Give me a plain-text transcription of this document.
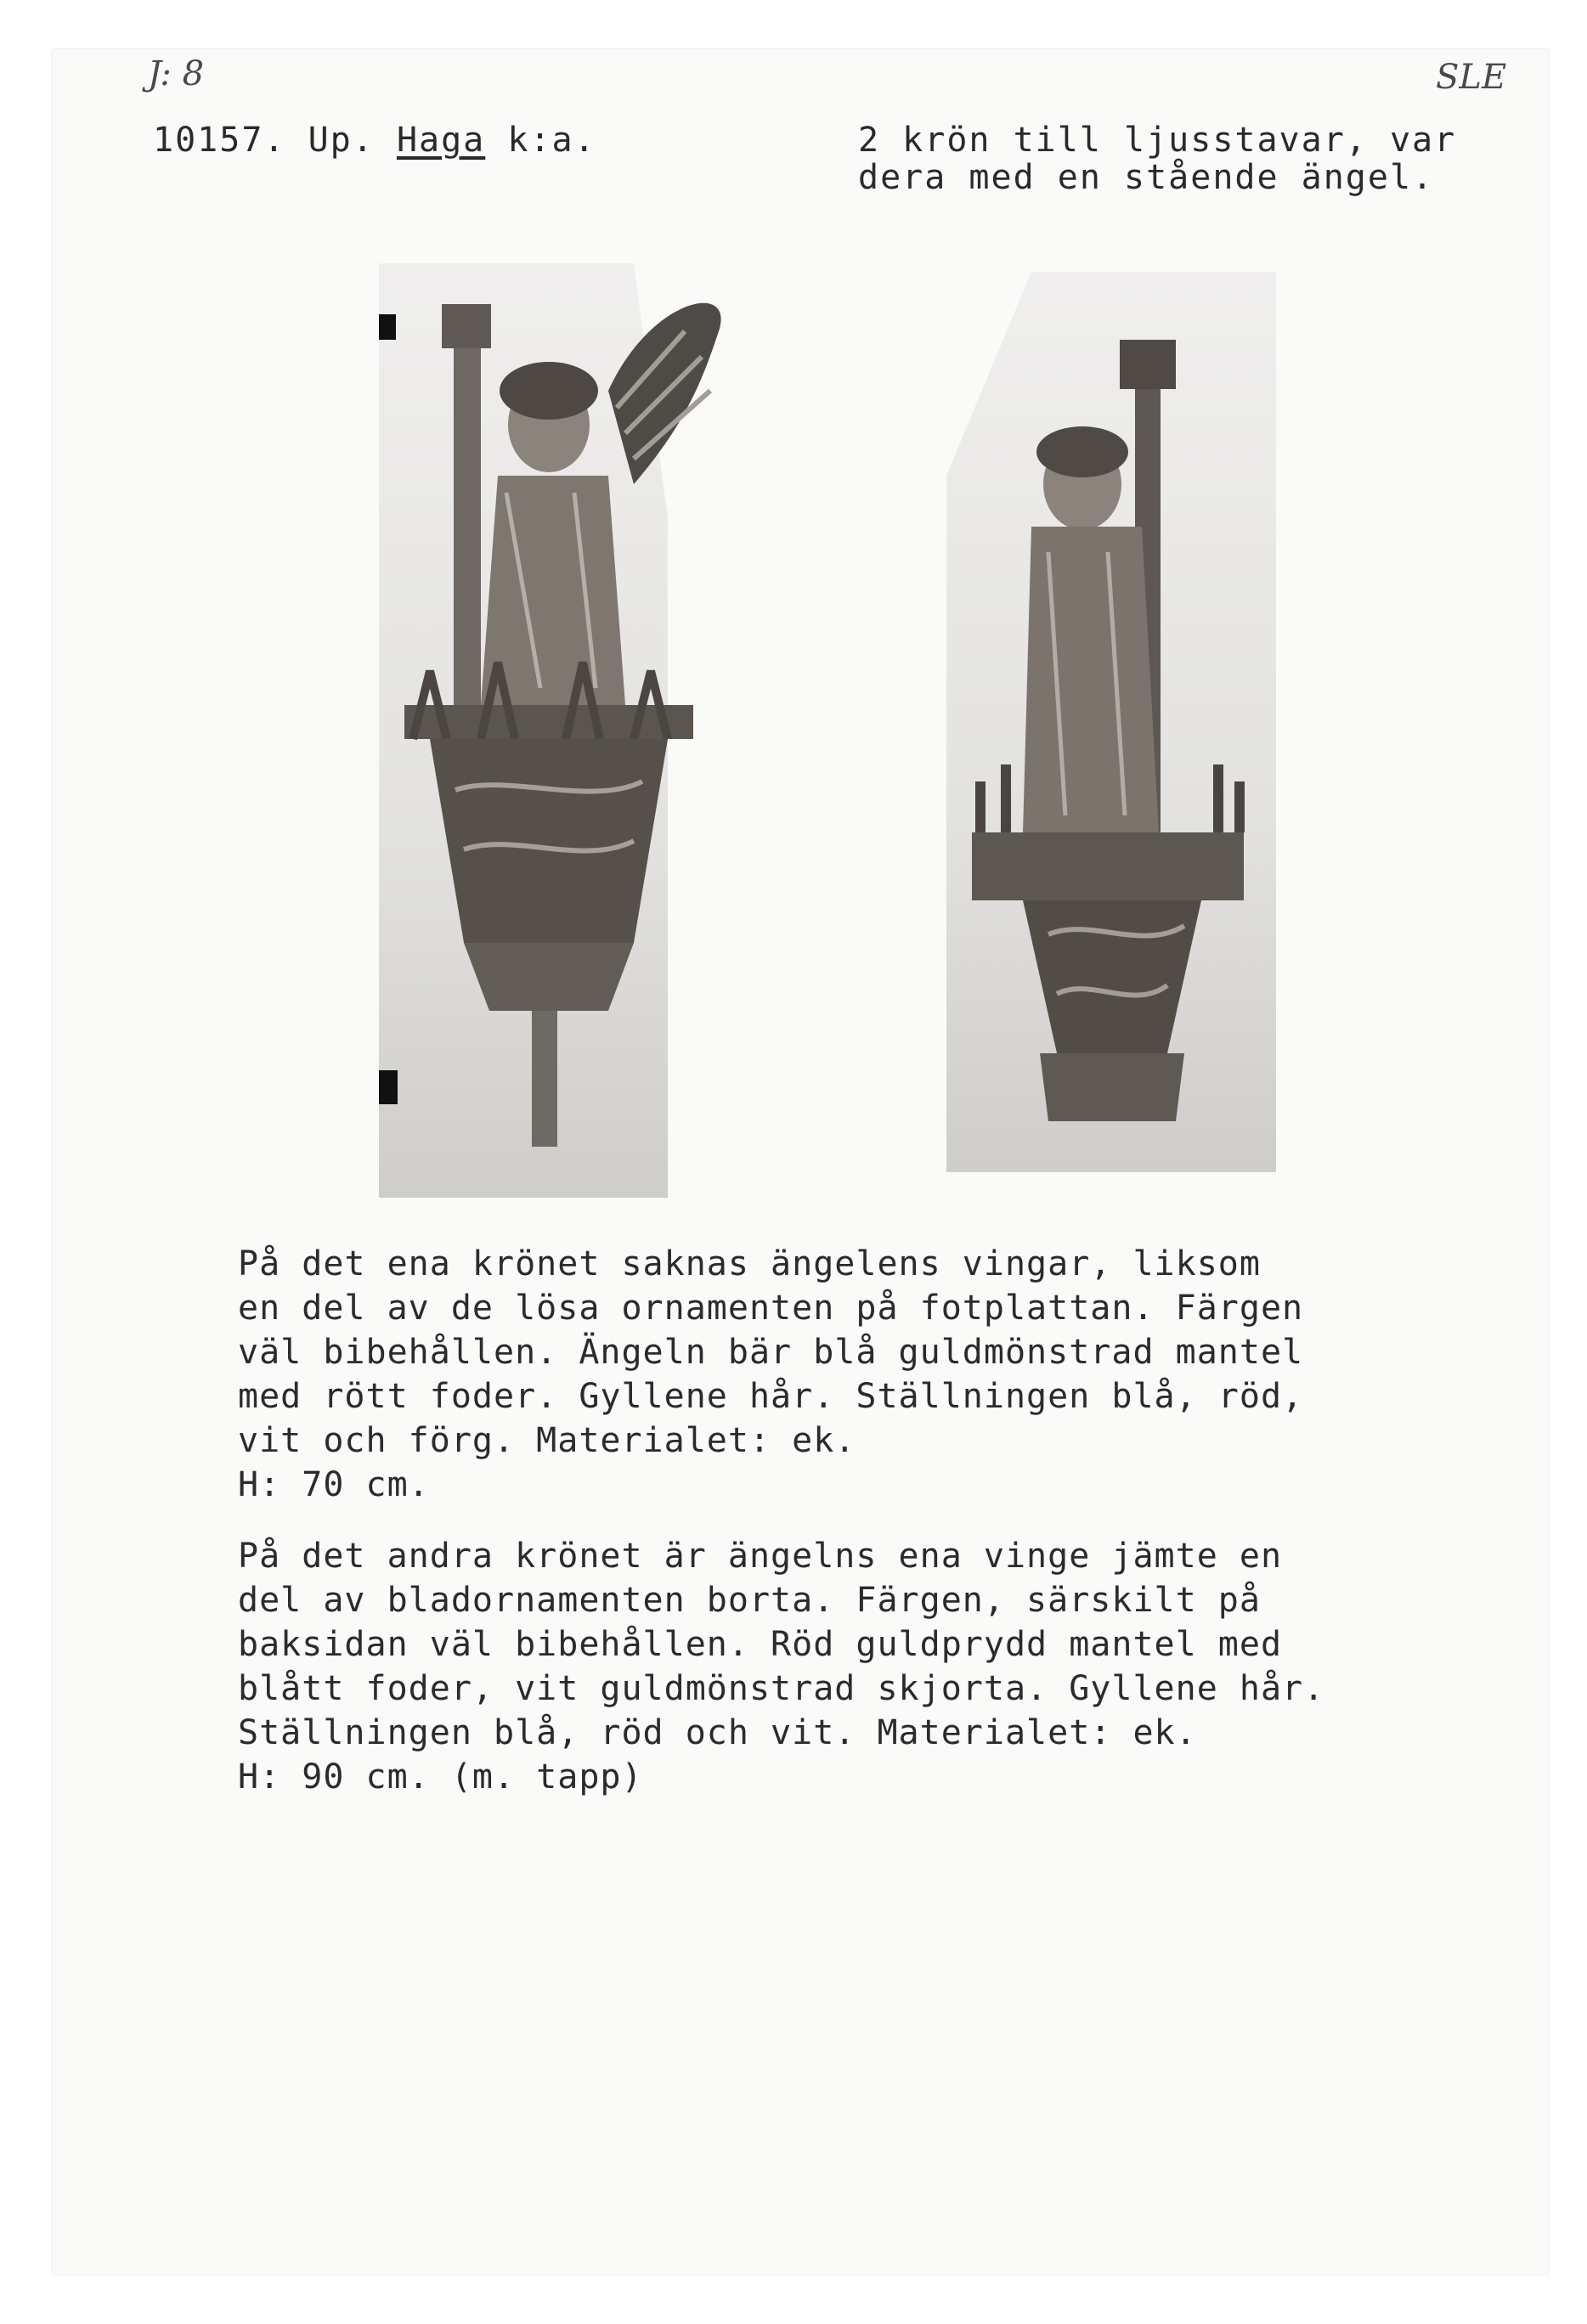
J: 8	SLE
10157. Up. Haga k:a.	2 krön till ljusstavar, var
dera med en stående ängel.
På det ena krönet saknas ängelens vingar, liksom
en del av de lösa ornamenten på fotplattan. Färgen
väl bibehållen. Ängeln bär blå guldmönstrad mantel
med rött foder. Gyllene hår. Ställningen blå, röd,
vit och förg. Materialet: ek.
H: 70 cm.
På det andra krönet är ängelns ena vinge jämte en
del av bladornamenten borta. Färgen, särskilt på
baksidan väl bibehållen. Röd guldprydd mantel med
blått foder, vit guldmönstrad skjorta. Gyllene hår.
Ställningen blå, röd och vit. Materialet: ek.
H: 90 cm. (m. tapp)
